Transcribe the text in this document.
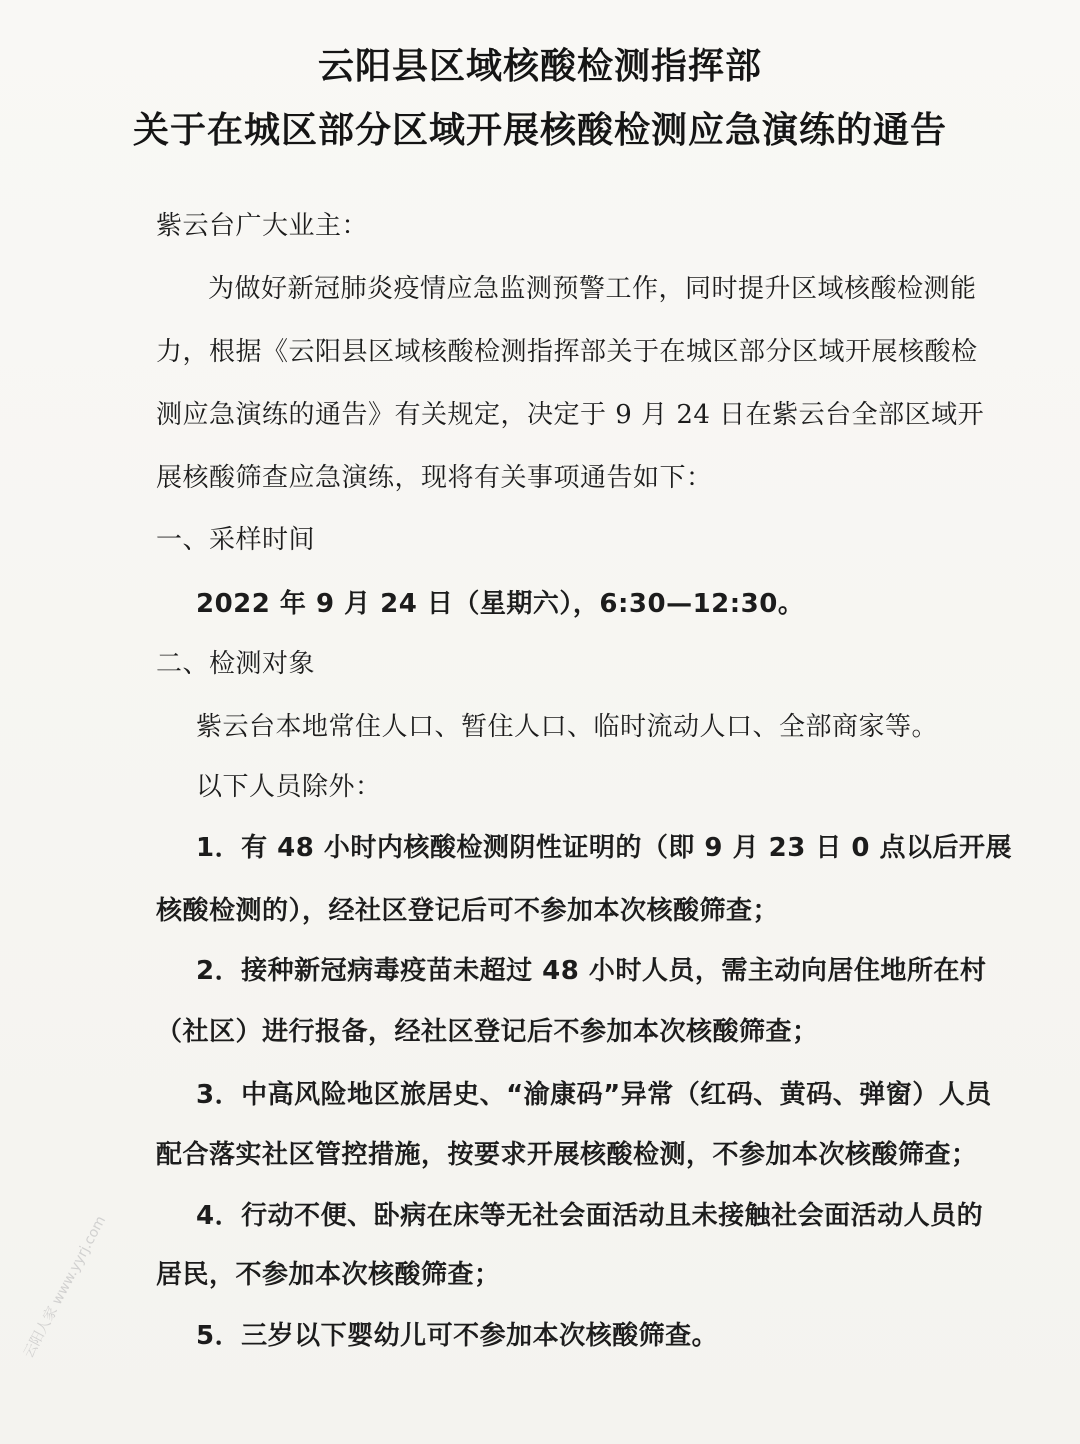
云阳县区域核酸检测指挥部
关于在城区部分区域开展核酸检测应急演练的通告
紫云台广大业主：
为做好新冠肺炎疫情应急监测预警工作，同时提升区域核酸检测能
力，根据《云阳县区域核酸检测指挥部关于在城区部分区域开展核酸检
测应急演练的通告》有关规定，决定于 9 月 24 日在紫云台全部区域开
展核酸筛查应急演练，现将有关事项通告如下：
一、采样时间
2022 年 9 月 24 日（星期六），6:30—12:30。
二、检测对象
紫云台本地常住人口、暂住人口、临时流动人口、全部商家等。
以下人员除外：
1．有 48 小时内核酸检测阴性证明的（即 9 月 23 日 0 点以后开展
核酸检测的），经社区登记后可不参加本次核酸筛查；
2．接种新冠病毒疫苗未超过 48 小时人员，需主动向居住地所在村
（社区）进行报备，经社区登记后不参加本次核酸筛查；
3．中高风险地区旅居史、“渝康码”异常（红码、黄码、弹窗）人员
配合落实社区管控措施，按要求开展核酸检测，不参加本次核酸筛查；
4．行动不便、卧病在床等无社会面活动且未接触社会面活动人员的
居民，不参加本次核酸筛查；
5．三岁以下婴幼儿可不参加本次核酸筛查。
云阳人家 www.yyrj.com
